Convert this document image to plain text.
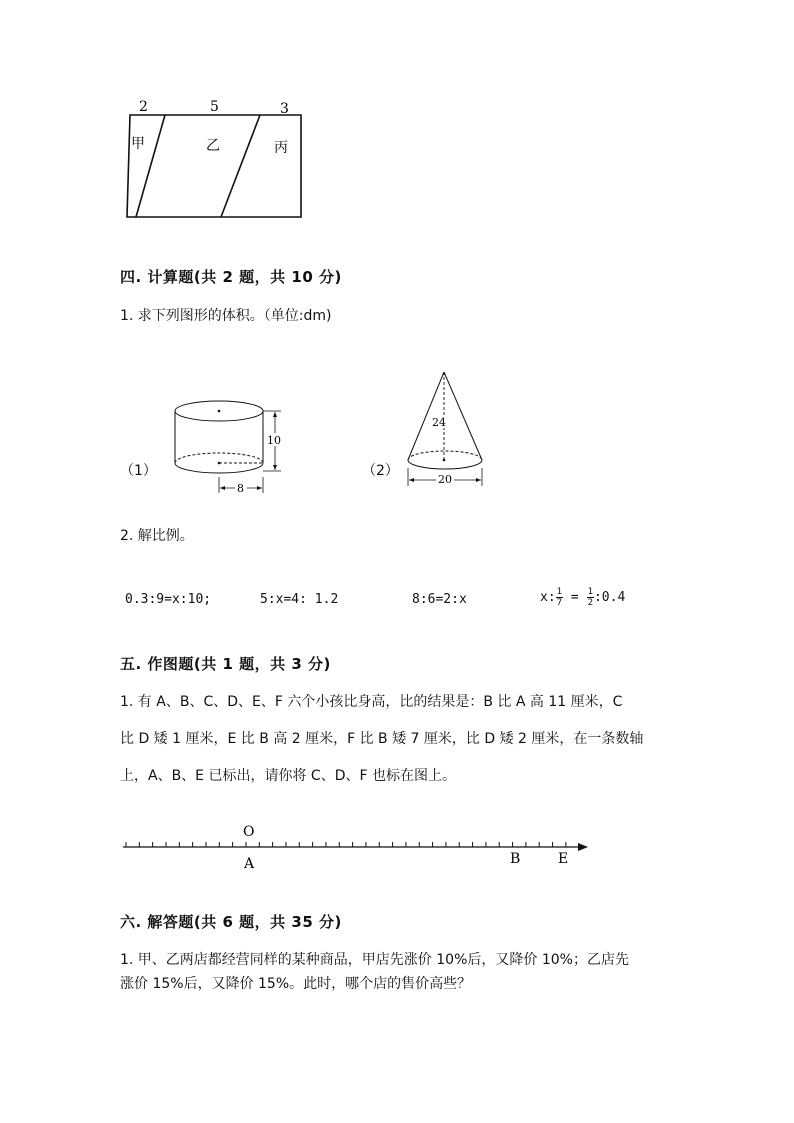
2	5	3
甲	乙	丙
四. 计算题(共 2 题，共 10 分)
1. 求下列图形的体积。（单位:dm)
（1）
10
8
（2）
24
20
2. 解比例。
0.3:9=x:10;	5:x=4: 1.2	8:6=2:x	x: $\frac{1}{7} = \frac{1}{2}$ :0.4
五. 作图题(共 1 题，共 3 分)
1. 有 A、B、C、D、E、F 六个小孩比身高，比的结果是：B 比 A 高 11 厘米，C
比 D 矮 1 厘米，E 比 B 高 2 厘米，F 比 B 矮 7 厘米，比 D 矮 2 厘米，在一条数轴
上，A、B、E 已标出，请你将 C、D、F 也标在图上。
O
A	B	E
六. 解答题(共 6 题，共 35 分)
1. 甲、乙两店都经营同样的某种商品，甲店先涨价 10%后，又降价 10%；乙店先
涨价 15%后，又降价 15%。此时，哪个店的售价高些？
